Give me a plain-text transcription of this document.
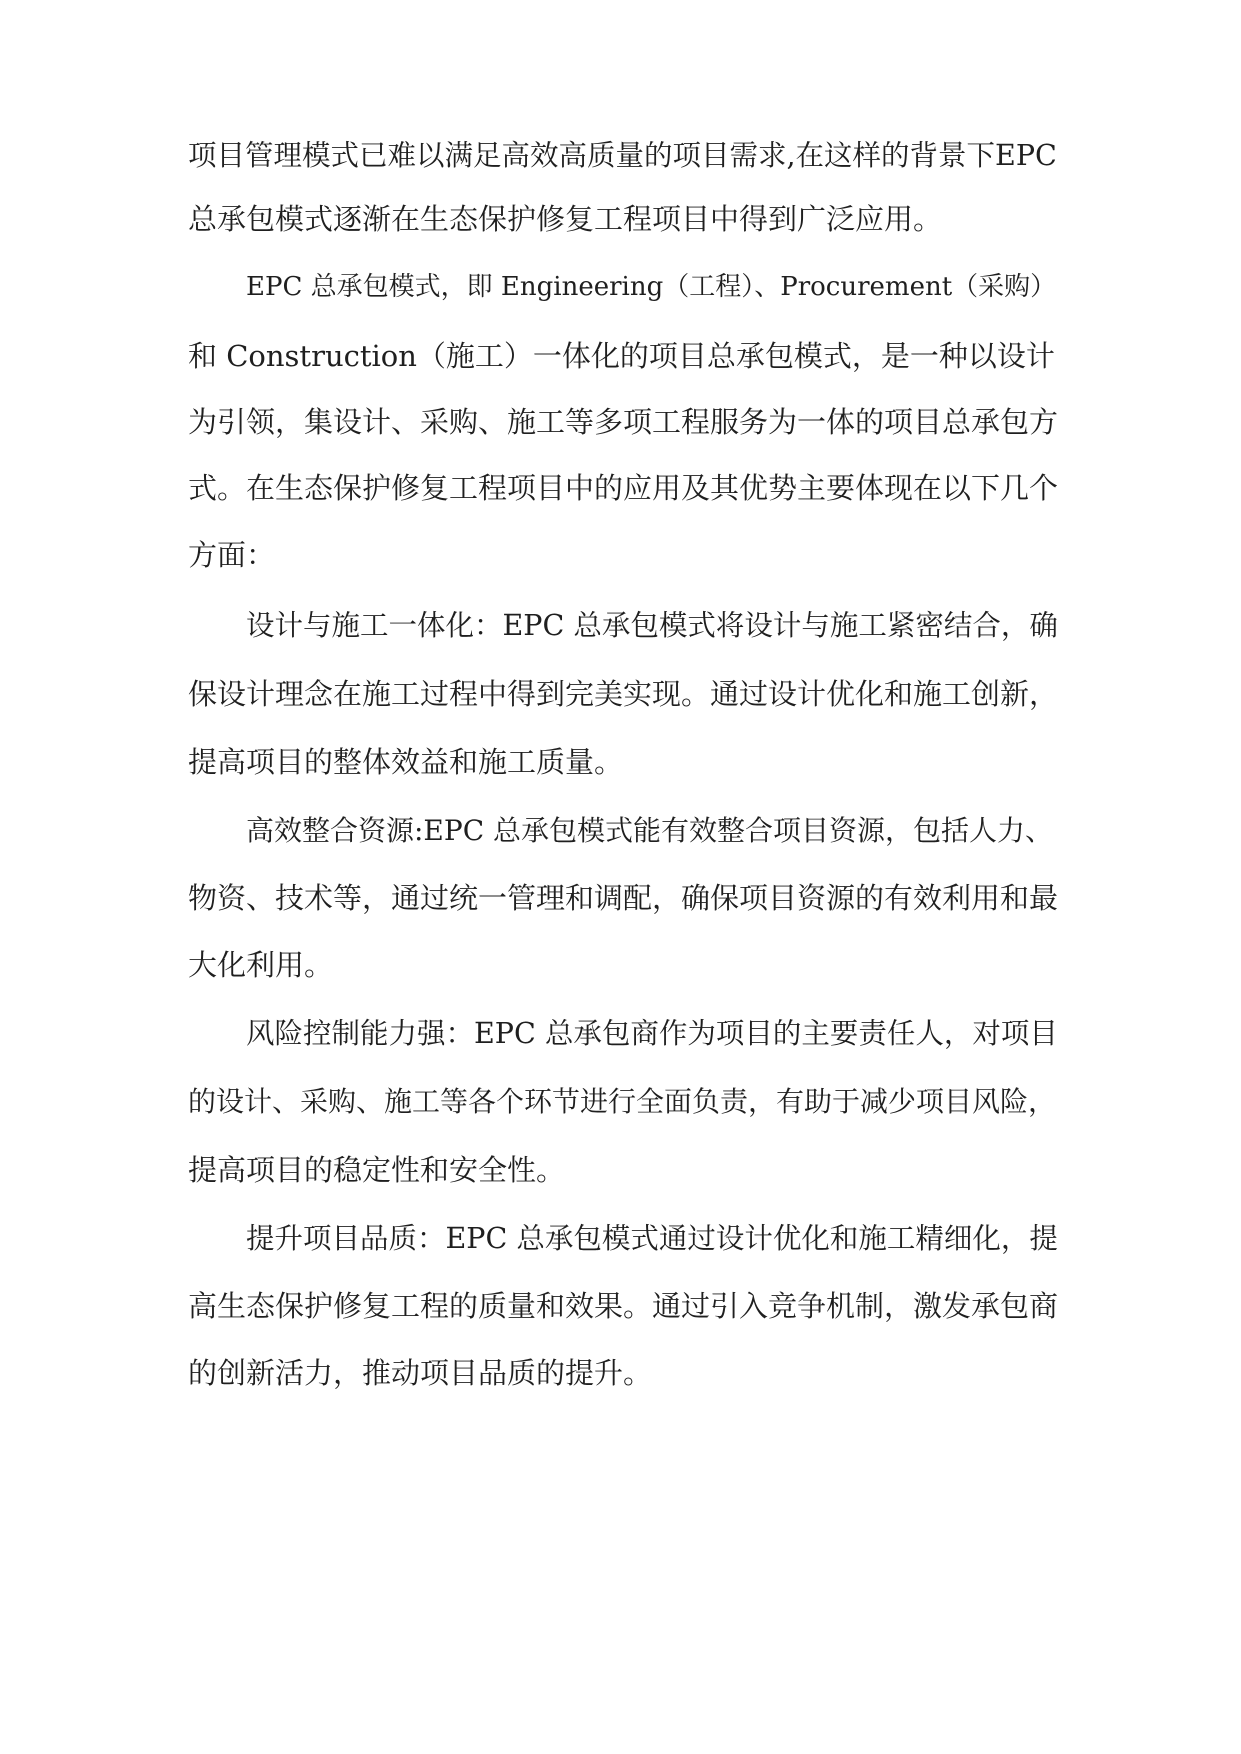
项目管理模式已难以满足高效高质量的项目需求,在这样的背景下EPC

总承包模式逐渐在生态保护修复工程项目中得到广泛应用。

EPC 总承包模式，即 Engineering（工程）、Procurement（采购）

和 Construction（施工）一体化的项目总承包模式，是一种以设计

为引领，集设计、采购、施工等多项工程服务为一体的项目总承包方

式。在生态保护修复工程项目中的应用及其优势主要体现在以下几个

方面：

设计与施工一体化：EPC 总承包模式将设计与施工紧密结合，确

保设计理念在施工过程中得到完美实现。通过设计优化和施工创新，

提高项目的整体效益和施工质量。

高效整合资源:EPC 总承包模式能有效整合项目资源，包括人力、

物资、技术等，通过统一管理和调配，确保项目资源的有效利用和最

大化利用。

风险控制能力强：EPC 总承包商作为项目的主要责任人，对项目

的设计、采购、施工等各个环节进行全面负责，有助于减少项目风险，

提高项目的稳定性和安全性。

提升项目品质：EPC 总承包模式通过设计优化和施工精细化，提

高生态保护修复工程的质量和效果。通过引入竞争机制，激发承包商

的创新活力，推动项目品质的提升。
